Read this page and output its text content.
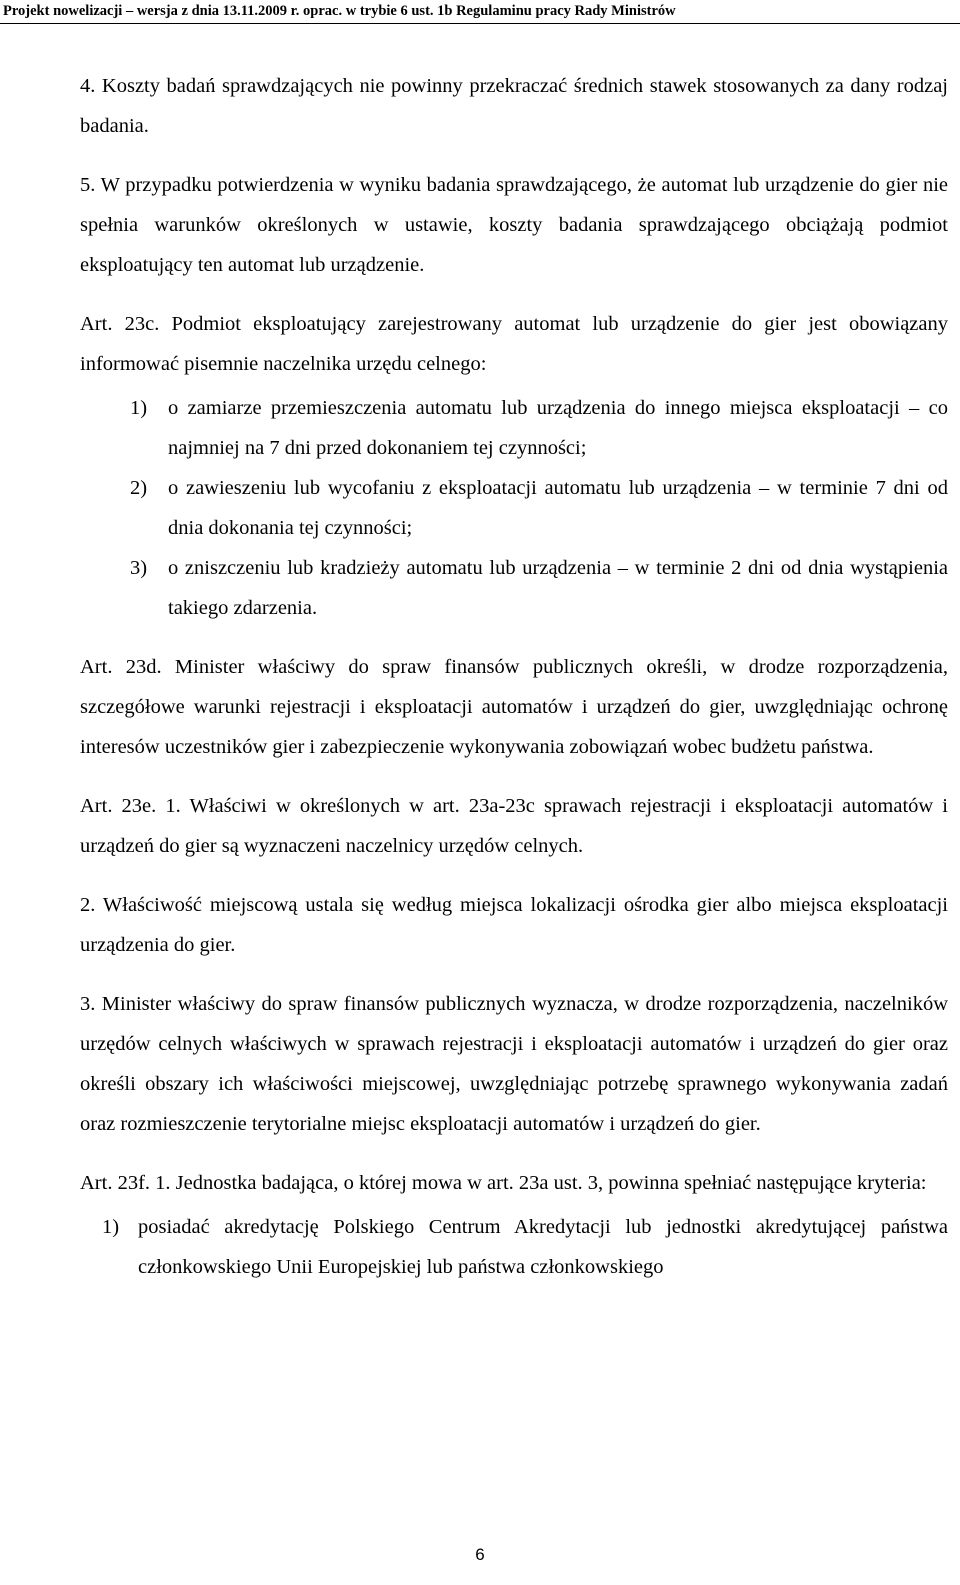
Projekt nowelizacji – wersja z dnia 13.11.2009 r. oprac. w trybie 6 ust. 1b Regulaminu pracy Rady Ministrów

4. Koszty badań sprawdzających nie powinny przekraczać średnich stawek stosowanych za dany rodzaj badania.

5. W przypadku potwierdzenia w wyniku badania sprawdzającego, że automat lub urządzenie do gier nie spełnia warunków określonych w ustawie, koszty badania sprawdzającego obciążają podmiot eksploatujący ten automat lub urządzenie.

Art. 23c. Podmiot eksploatujący zarejestrowany automat lub urządzenie do gier jest obowiązany informować pisemnie naczelnika urzędu celnego:

1)	o zamiarze przemieszczenia automatu lub urządzenia do innego miejsca eksploatacji – co najmniej na 7 dni przed dokonaniem tej czynności;
2)	o zawieszeniu lub wycofaniu z eksploatacji automatu lub urządzenia – w terminie 7 dni od dnia dokonania tej czynności;
3)	o zniszczeniu lub kradzieży automatu lub urządzenia – w terminie 2 dni od dnia wystąpienia takiego zdarzenia.

Art. 23d. Minister właściwy do spraw finansów publicznych określi, w drodze rozporządzenia, szczegółowe warunki rejestracji i eksploatacji automatów i urządzeń do gier, uwzględniając ochronę interesów uczestników gier i zabezpieczenie wykonywania zobowiązań wobec budżetu państwa.

Art. 23e. 1. Właściwi w określonych w art. 23a-23c sprawach rejestracji i eksploatacji automatów i urządzeń do gier są wyznaczeni naczelnicy urzędów celnych.

2. Właściwość miejscową ustala się według miejsca lokalizacji ośrodka gier albo miejsca eksploatacji urządzenia do gier.

3. Minister właściwy do spraw finansów publicznych wyznacza, w drodze rozporządzenia, naczelników urzędów celnych właściwych w sprawach rejestracji i eksploatacji automatów i urządzeń do gier oraz określi obszary ich właściwości miejscowej, uwzględniając potrzebę sprawnego wykonywania zadań oraz rozmieszczenie terytorialne miejsc eksploatacji automatów i urządzeń do gier.

Art. 23f. 1. Jednostka badająca, o której mowa w art. 23a ust. 3, powinna spełniać następujące kryteria:

1) posiadać akredytację Polskiego Centrum Akredytacji lub jednostki akredytującej państwa członkowskiego Unii Europejskiej lub państwa członkowskiego
6
